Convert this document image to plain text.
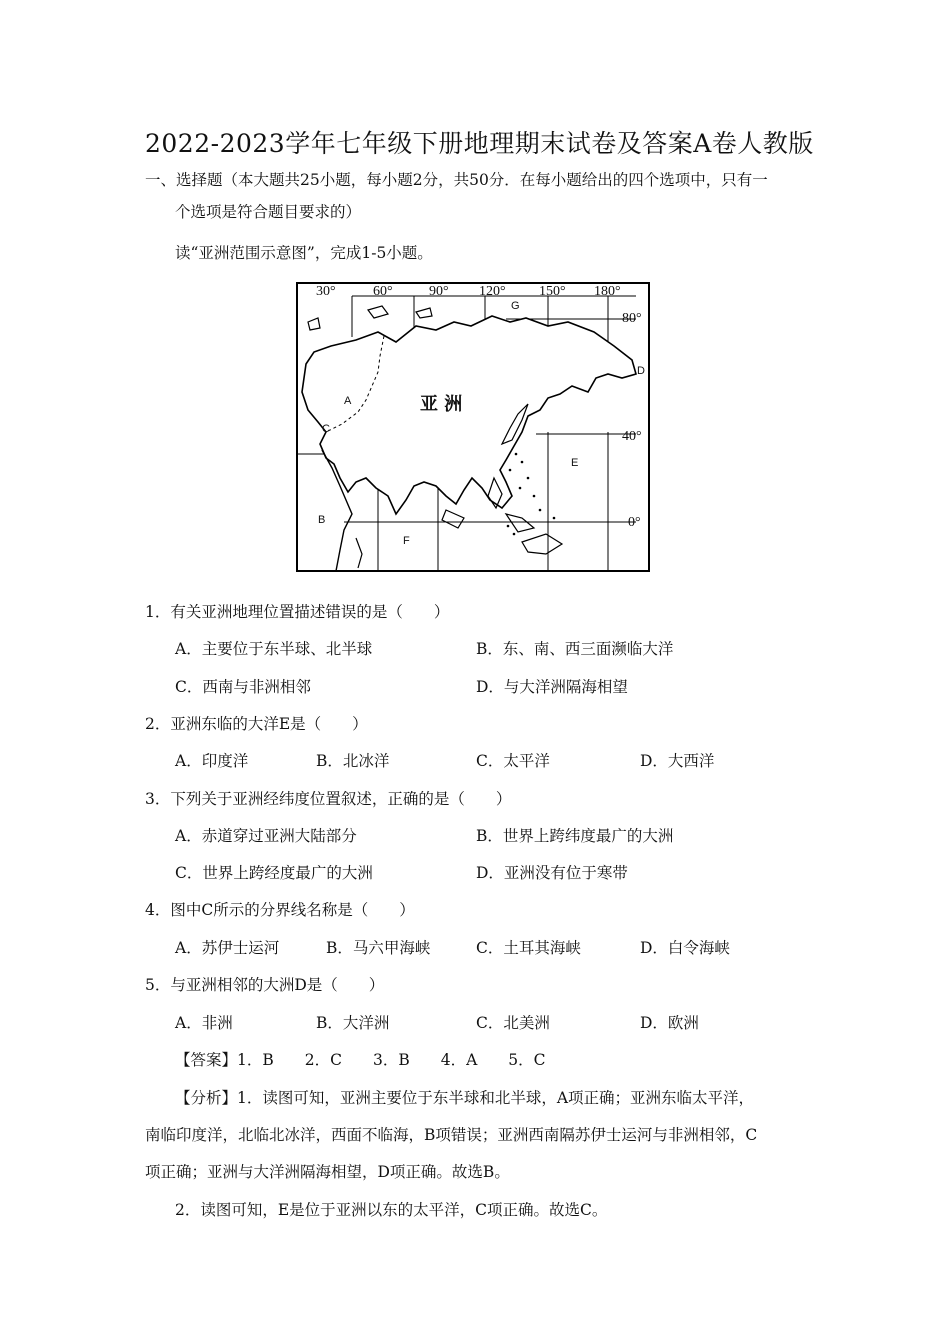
2022-2023学年七年级下册地理期末试卷及答案A卷人教版
一、选择题（本大题共25小题，每小题2分，共50分．在每小题给出的四个选项中，只有一
个选项是符合题目要求的）
读“亚洲范围示意图”，完成1-5小题。
30°	60°	90° 120° 150° 180°
80°
40°
0°
亚 洲
A
B
C
D
E
F
G
1．有关亚洲地理位置描述错误的是（　　）
A．主要位于东半球、北半球	B．东、南、西三面濒临大洋
C．西南与非洲相邻	D．与大洋洲隔海相望
2．亚洲东临的大洋E是（　　）
A．印度洋	B．北冰洋	C．太平洋	D．大西洋
3．下列关于亚洲经纬度位置叙述，正确的是（　　）
A．赤道穿过亚洲大陆部分	B．世界上跨纬度最广的大洲
C．世界上跨经度最广的大洲	D．亚洲没有位于寒带
4．图中C所示的分界线名称是（　　）
A．苏伊士运河	B．马六甲海峡	C．土耳其海峡	D．白令海峡
5．与亚洲相邻的大洲D是（　　）
A．非洲	B．大洋洲	C．北美洲	D．欧洲
【答案】1．B　　2．C　　3．B　　4．A　　5．C
【分析】1．读图可知，亚洲主要位于东半球和北半球，A项正确；亚洲东临太平洋，
南临印度洋，北临北冰洋，西面不临海，B项错误；亚洲西南隔苏伊士运河与非洲相邻，C
项正确；亚洲与大洋洲隔海相望，D项正确。故选B。
2．读图可知，E是位于亚洲以东的太平洋，C项正确。故选C。
